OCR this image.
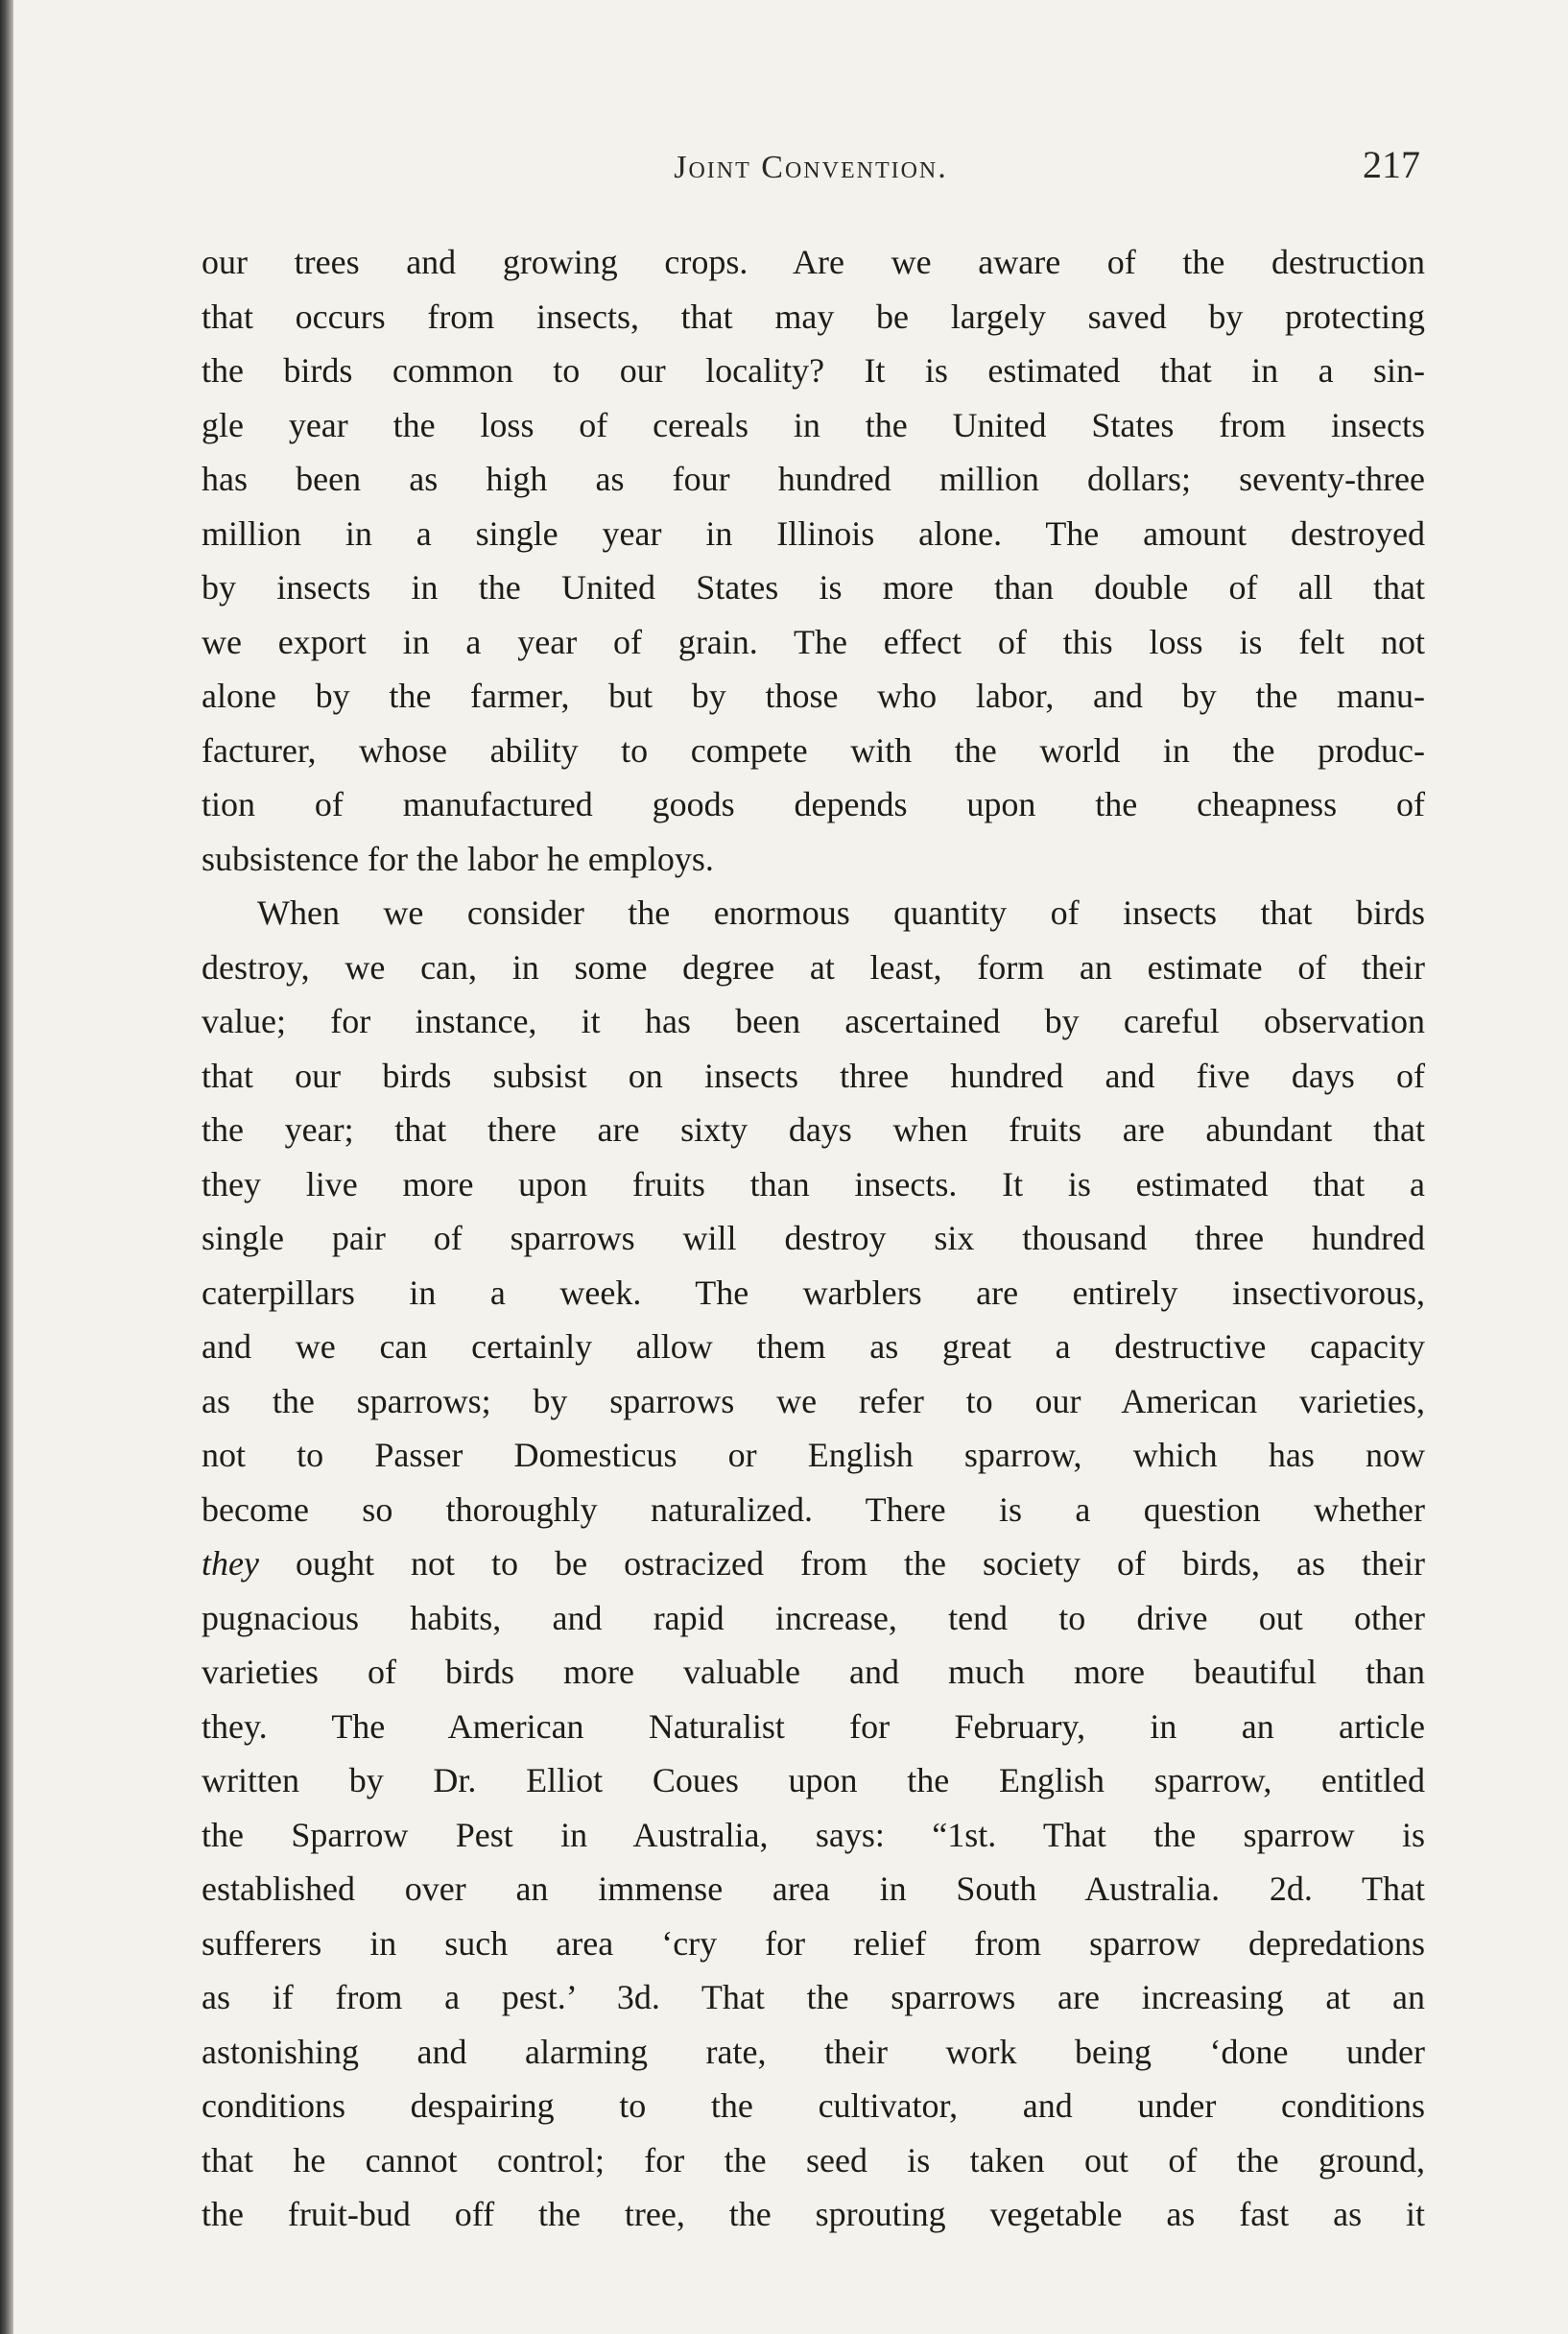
Joint Convention.	217
our trees and growing crops. Are we aware of the destruction
that occurs from insects, that may be largely saved by protecting
the birds common to our locality? It is estimated that in a sin-
gle year the loss of cereals in the United States from insects
has been as high as four hundred million dollars; seventy-three
million in a single year in Illinois alone. The amount destroyed
by insects in the United States is more than double of all that
we export in a year of grain. The effect of this loss is felt not
alone by the farmer, but by those who labor, and by the manu-
facturer, whose ability to compete with the world in the produc-
tion of manufactured goods depends upon the cheapness of
subsistence for the labor he employs.
When we consider the enormous quantity of insects that birds
destroy, we can, in some degree at least, form an estimate of their
value; for instance, it has been ascertained by careful observation
that our birds subsist on insects three hundred and five days of
the year; that there are sixty days when fruits are abundant that
they live more upon fruits than insects. It is estimated that a
single pair of sparrows will destroy six thousand three hundred
caterpillars in a week. The warblers are entirely insectivorous,
and we can certainly allow them as great a destructive capacity
as the sparrows; by sparrows we refer to our American varieties,
not to Passer Domesticus or English sparrow, which has now
become so thoroughly naturalized. There is a question whether
they ought not to be ostracized from the society of birds, as their
pugnacious habits, and rapid increase, tend to drive out other
varieties of birds more valuable and much more beautiful than
they. The American Naturalist for February, in an article
written by Dr. Elliot Coues upon the English sparrow, entitled
the Sparrow Pest in Australia, says: “1st. That the sparrow is
established over an immense area in South Australia. 2d. That
sufferers in such area ‘cry for relief from sparrow depredations
as if from a pest.’ 3d. That the sparrows are increasing at an
astonishing and alarming rate, their work being ‘done under
conditions despairing to the cultivator, and under conditions
that he cannot control; for the seed is taken out of the ground,
the fruit-bud off the tree, the sprouting vegetable as fast as it
